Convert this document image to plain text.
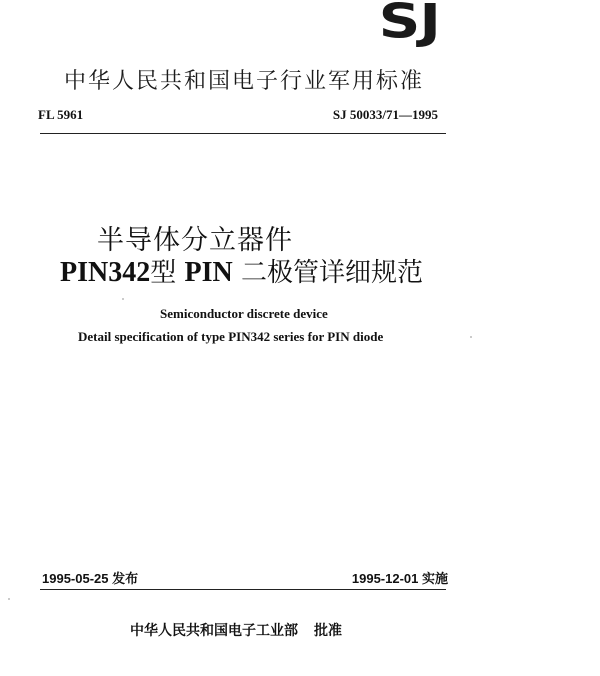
SJ
中华人民共和国电子行业军用标准
FL 5961	SJ 50033/71—1995
半导体分立器件
PIN342型 PIN 二极管详细规范
Semiconductor discrete device
Detail specification of type PIN342 series for PIN diode
1995-05-25 发布	1995-12-01 实施
中华人民共和国电子工业部 批准
